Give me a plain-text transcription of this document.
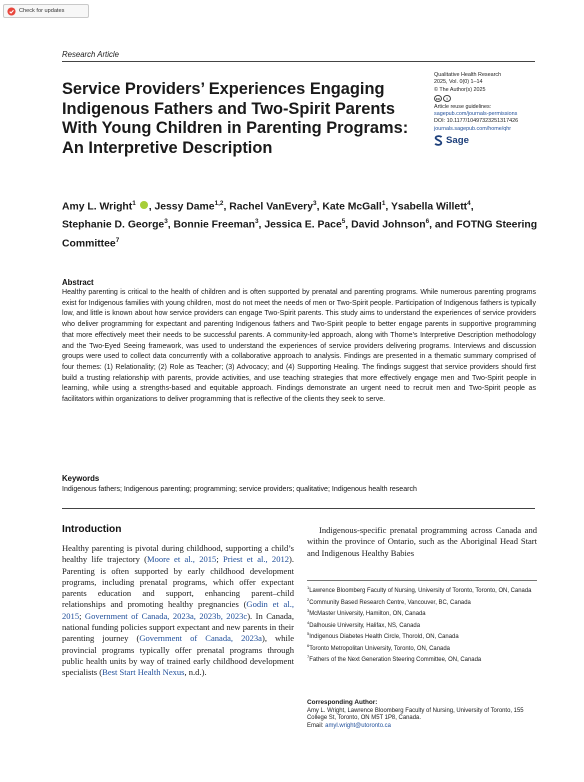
Check for updates
Research Article
Service Providers’ Experiences Engaging Indigenous Fathers and Two-Spirit Parents With Young Children in Parenting Programs: An Interpretive Description
Qualitative Health Research
2025, Vol. 0(0) 1–14
© The Author(s) 2025
cc	i
Article reuse guidelines:
sagepub.com/journals-permissions
DOI: 10.1177/10497323251317426
journals.sagepub.com/home/qhr
Sage
Amy L. Wright$^1$ , Jessy Dame$^{1,2}$, Rachel VanEvery$^3$, Kate McGall$^1$, Ysabella Willett$^4$,
Stephanie D. George$^3$, Bonnie Freeman$^3$, Jessica E. Pace$^5$, David Johnson$^6$, and FOTNG Steering Committee$^7$
Abstract

Healthy parenting is critical to the health of children and is often supported by prenatal and parenting programs. While numerous parenting programs exist for Indigenous families with young children, most do not meet the needs of men or Two-Spirit people. Participation of Indigenous fathers is typically low, and little is known about how service providers can engage Two-Spirit parents. This study aims to understand the experiences of service providers who deliver programming for expectant and parenting Indigenous fathers and Two-Spirit people to better engage parents in supportive programming that more effectively meet their needs to be successful parents. A community-led approach, along with Thorne’s Interpretive Description methodology and the Two-Eyed Seeing framework, was used to understand the experiences of service providers delivering programs. Interviews and discussion groups were used to collect data concurrently with a collaborative approach to analysis. Findings are presented in a thematic summary comprised of four themes: (1) Relationality; (2) Role as Teacher; (3) Advocacy; and (4) Supporting Healing. The findings suggest that service providers should first build a trusting relationship with parents, provide activities, and use teaching strategies that more effectively engage men and Two-Spirit people in learning, while using a strengths-based and equitable approach. Findings demonstrate an urgent need to recruit men and Two-Spirit people as facilitators within organizations to deliver programming that is reflective of the clients they seek to serve.

Keywords

Indigenous fathers; Indigenous parenting; programming; service providers; qualitative; Indigenous health research

Introduction

Healthy parenting is pivotal during childhood, supporting a child’s healthy life trajectory (Moore et al., 2015; Priest et al., 2012). Parenting is often supported by early childhood development programs, including prenatal programs, which offer expectant parents education and support, enhancing parent–child relationships and promoting healthy pregnancies (Godin et al., 2015; Government of Canada, 2023a, 2023b, 2023c). In Canada, national funding policies support expectant and new parents in their parenting journey (Government of Canada, 2023a), while provincial programs typically offer prenatal programs through public health units by way of trained early childhood development specialists (Best Start Health Nexus, n.d.).

Indigenous-specific prenatal programming across Canada and within the province of Ontario, such as the Aboriginal Head Start and Indigenous Healthy Babies

$^1$Lawrence Bloomberg Faculty of Nursing, University of Toronto, Toronto, ON, Canada
$^2$Community Based Research Centre, Vancouver, BC, Canada
$^3$McMaster University, Hamilton, ON, Canada
$^4$Dalhousie University, Halifax, NS, Canada
$^5$Indigenous Diabetes Health Circle, Thorold, ON, Canada
$^6$Toronto Metropolitan University, Toronto, ON, Canada
$^7$Fathers of the Next Generation Steering Committee, ON, Canada
Corresponding Author:
Amy L. Wright, Lawrence Bloomberg Faculty of Nursing, University of Toronto, 155 College St, Toronto, ON M5T 1P8, Canada.
Email: amyl.wright@utoronto.ca
